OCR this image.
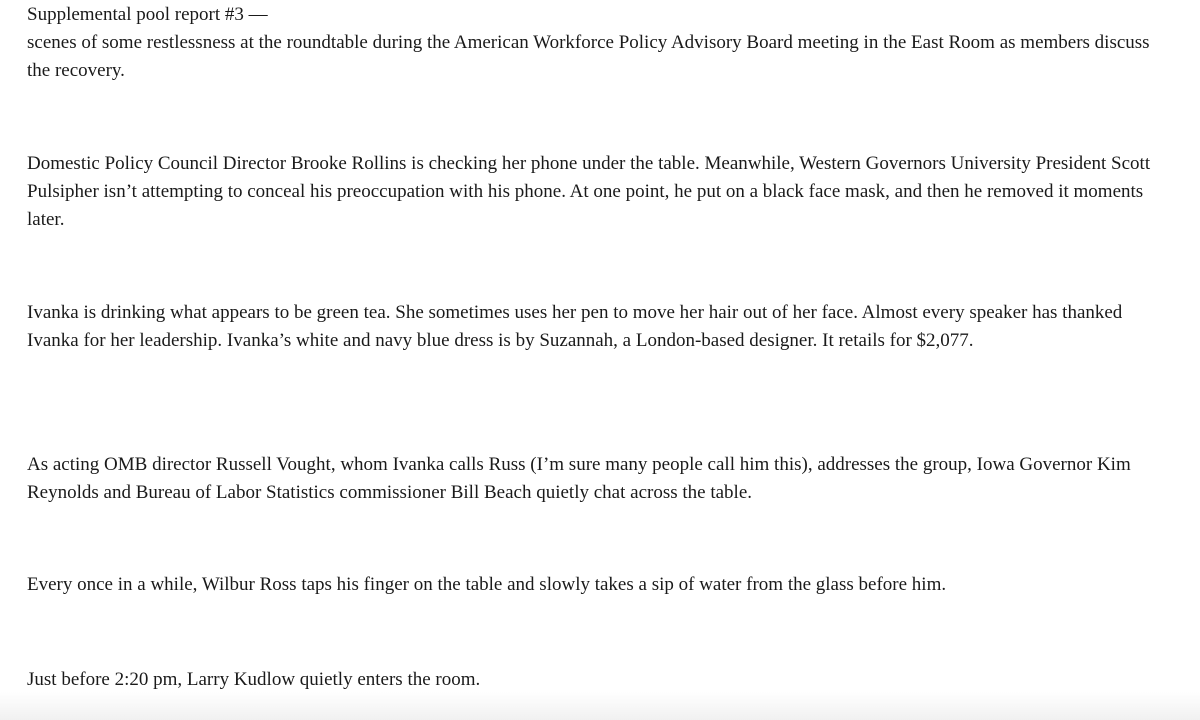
Supplemental pool report #3 —
scenes of some restlessness at the roundtable during the American Workforce Policy Advisory Board meeting in the East Room as members discuss the recovery.

Domestic Policy Council Director Brooke Rollins is checking her phone under the table. Meanwhile, Western Governors University President Scott Pulsipher isn’t attempting to conceal his preoccupation with his phone. At one point, he put on a black face mask, and then he removed it moments later.

Ivanka is drinking what appears to be green tea. She sometimes uses her pen to move her hair out of her face. Almost every speaker has thanked Ivanka for her leadership. Ivanka’s white and navy blue dress is by Suzannah, a London-based designer. It retails for $2,077.

As acting OMB director Russell Vought, whom Ivanka calls Russ (I’m sure many people call him this), addresses the group, Iowa Governor Kim Reynolds and Bureau of Labor Statistics commissioner Bill Beach quietly chat across the table.

Every once in a while, Wilbur Ross taps his finger on the table and slowly takes a sip of water from the glass before him.

Just before 2:20 pm, Larry Kudlow quietly enters the room.
